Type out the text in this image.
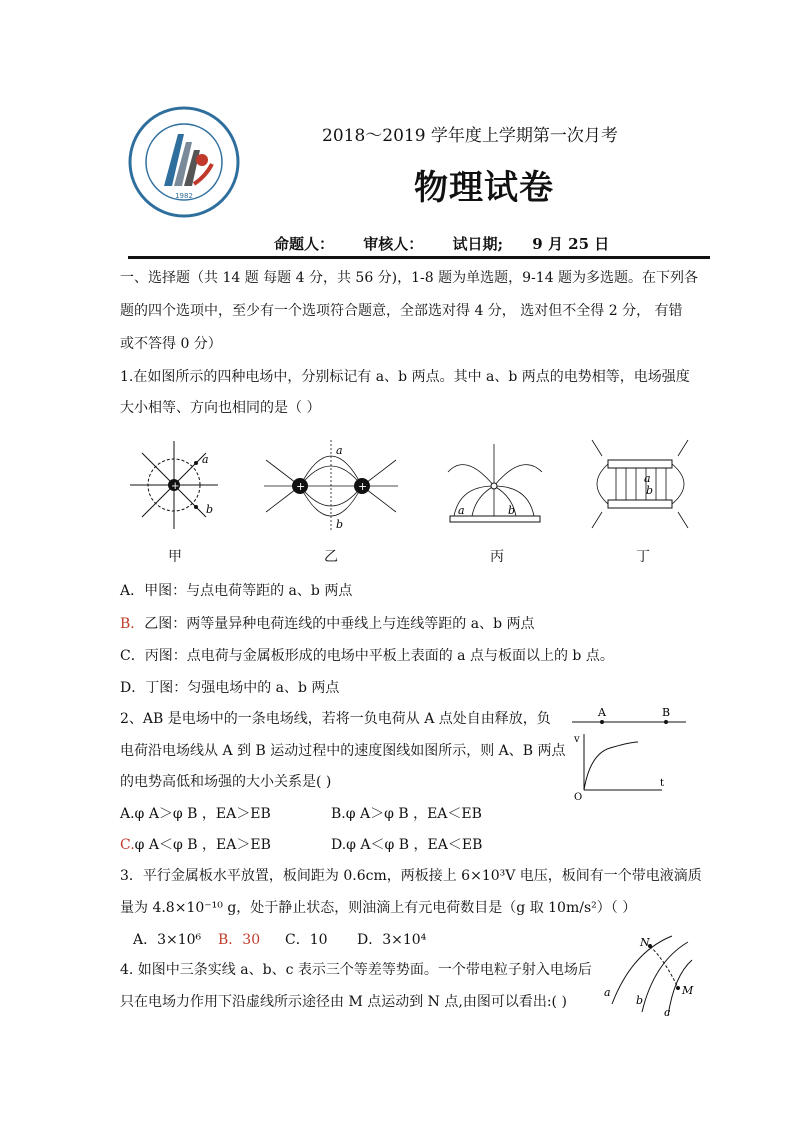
1982
2018～2019 学年度上学期第一次月考
物理试卷
命题人： 审核人： 试日期; 9 月 25 日
一、选择题（共 14 题 每题 4 分，共 56 分)，1-8 题为单选题，9-14 题为多选题。在下列各
题的四个选项中，至少有一个选项符合题意，全部选对得 4 分， 选对但不全得 2 分， 有错
或不答得 0 分）
1.在如图所示的四种电场中，分别标记有 a、b 两点。其中 a、b 两点的电势相等，电场强度
大小相等、方向也相同的是（ ）
+
a
b
甲
+	+
a
b
乙
a	b
丙
a
b
丁
A．甲图：与点电荷等距的 a、b 两点
B．乙图：两等量异种电荷连线的中垂线上与连线等距的 a、b 两点
C．丙图：点电荷与金属板形成的电场中平板上表面的 a 点与板面以上的 b 点。
D．丁图：匀强电场中的 a、b 两点
2、AB 是电场中的一条电场线，若将一负电荷从 A 点处自由释放，负
电荷沿电场线从 A 到 B 运动过程中的速度图线如图所示，则 A、B 两点
的电势高低和场强的大小关系是( )
A	B
v
t
O
A.φ A＞φ B ，EA＞EB	B.φ A＞φ B ，EA＜EB
C.φ A＜φ B ，EA＞EB	D.φ A＜φ B ，EA＜EB
3．平行金属板水平放置，板间距为 0.6cm，两板接上 6×10³V 电压，板间有一个带电液滴质
量为 4.8×10⁻¹⁰ g，处于静止状态，则油滴上有元电荷数目是（g 取 10m/s²）（ ）
A．3×10⁶ B．30 C．10 D．3×10⁴
4. 如图中三条实线 a、b、c 表示三个等差等势面。一个带电粒子射入电场后
只在电场力作用下沿虚线所示途径由 M 点运动到 N 点,由图可以看出:( )
N
M
a
b
c
